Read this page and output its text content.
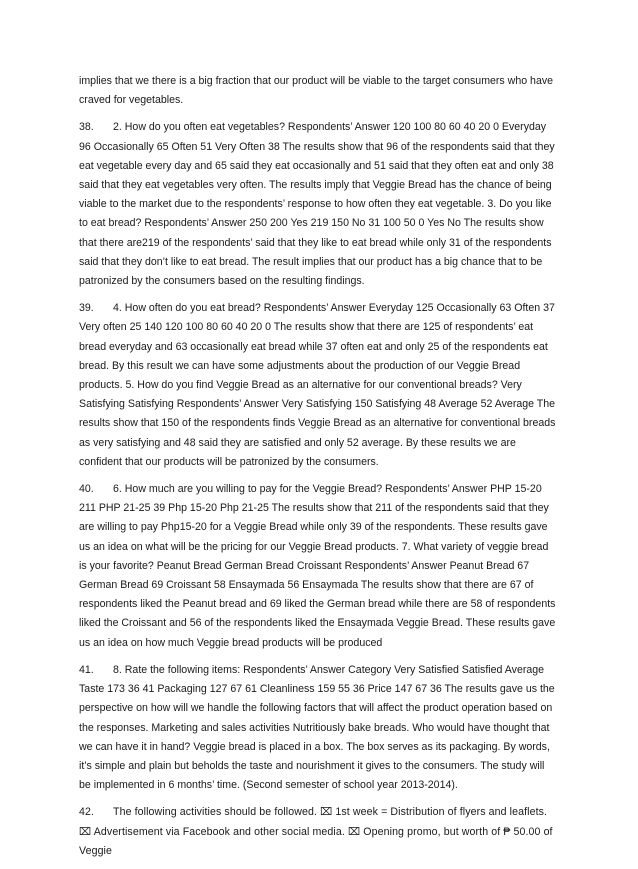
implies that we there is a big fraction that our product will be viable to the target consumers who have craved for vegetables.

38. 2. How do you often eat vegetables? Respondents’ Answer 120 100 80 60 40 20 0 Everyday 96 Occasionally 65 Often 51 Very Often 38 The results show that 96 of the respondents said that they eat vegetable every day and 65 said they eat occasionally and 51 said that they often eat and only 38 said that they eat vegetables very often. The results imply that Veggie Bread has the chance of being viable to the market due to the respondents’ response to how often they eat vegetable. 3. Do you like to eat bread? Respondents’ Answer 250 200 Yes 219 150 No 31 100 50 0 Yes No The results show that there are219 of the respondents’ said that they like to eat bread while only 31 of the respondents said that they don’t like to eat bread. The result implies that our product has a big chance that to be patronized by the consumers based on the resulting findings.

39. 4. How often do you eat bread? Respondents’ Answer Everyday 125 Occasionally 63 Often 37 Very often 25 140 120 100 80 60 40 20 0 The results show that there are 125 of respondents’ eat bread everyday and 63 occasionally eat bread while 37 often eat and only 25 of the respondents eat bread. By this result we can have some adjustments about the production of our Veggie Bread products. 5. How do you find Veggie Bread as an alternative for our conventional breads? Very Satisfying Satisfying Respondents’ Answer Very Satisfying 150 Satisfying 48 Average 52 Average The results show that 150 of the respondents finds Veggie Bread as an alternative for conventional breads as very satisfying and 48 said they are satisfied and only 52 average. By these results we are confident that our products will be patronized by the consumers.

40. 6. How much are you willing to pay for the Veggie Bread? Respondents’ Answer PHP 15-20 211 PHP 21-25 39 Php 15-20 Php 21-25 The results show that 211 of the respondents said that they are willing to pay Php15-20 for a Veggie Bread while only 39 of the respondents. These results gave us an idea on what will be the pricing for our Veggie Bread products. 7. What variety of veggie bread is your favorite? Peanut Bread German Bread Croissant Respondents’ Answer Peanut Bread 67 German Bread 69 Croissant 58 Ensaymada 56 Ensaymada The results show that there are 67 of respondents liked the Peanut bread and 69 liked the German bread while there are 58 of respondents liked the Croissant and 56 of the respondents liked the Ensaymada Veggie Bread. These results gave us an idea on how much Veggie bread products will be produced

41. 8. Rate the following items: Respondents’ Answer Category Very Satisfied Satisfied Average Taste 173 36 41 Packaging 127 67 61 Cleanliness 159 55 36 Price 147 67 36 The results gave us the perspective on how will we handle the following factors that will affect the product operation based on the responses. Marketing and sales activities Nutritiously bake breads. Who would have thought that we can have it in hand? Veggie bread is placed in a box. The box serves as its packaging. By words, it’s simple and plain but beholds the taste and nourishment it gives to the consumers. The study will be implemented in 6 months’ time. (Second semester of school year 2013-2014).

42. The following activities should be followed. ⌧ 1st week = Distribution of flyers and leaflets. ⌧ Advertisement via Facebook and other social media. ⌧ Opening promo, but worth of ₱ 50.00 of Veggie
